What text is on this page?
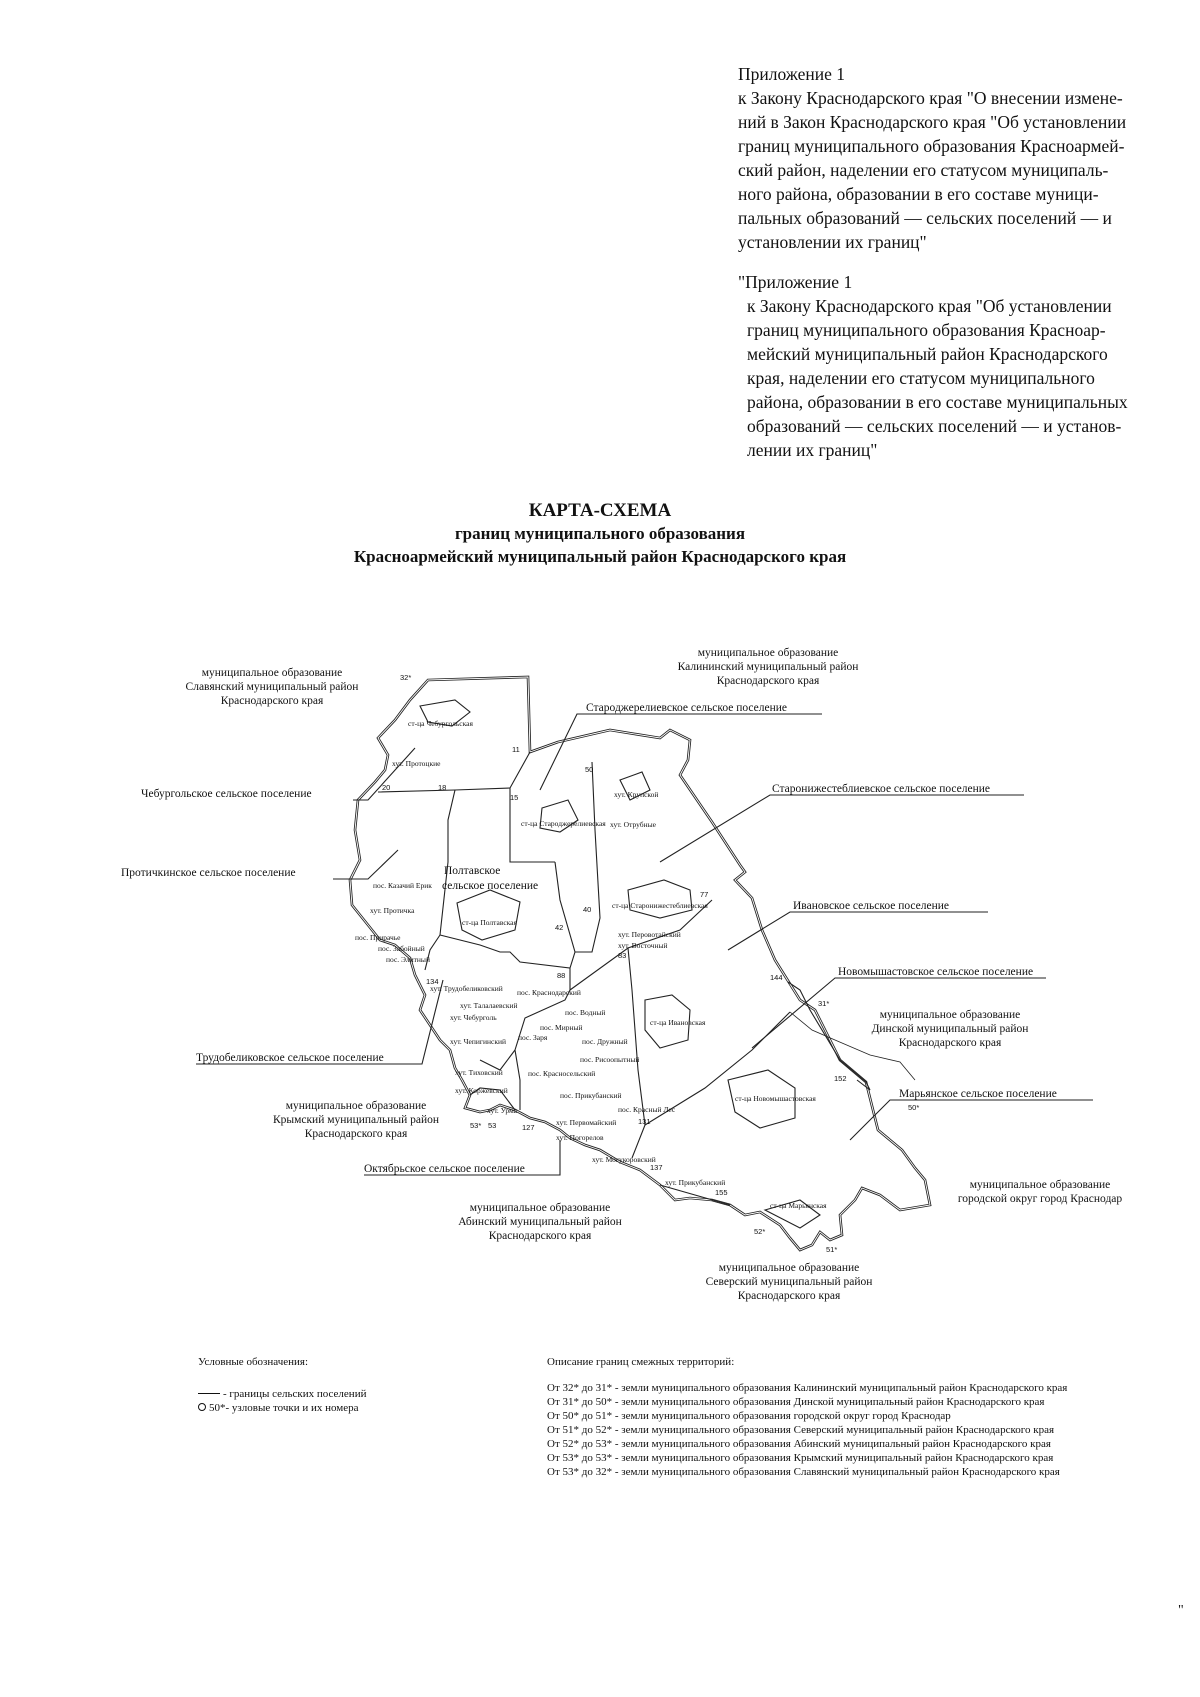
Приложение 1
к Закону Краснодарского края "О внесении измене-
ний в Закон Краснодарского края "Об установлении
границ муниципального образования Красноармей-
ский район, наделении его статусом муниципаль-
ного района, образовании в его составе муници-
пальных образований — сельских поселений — и
установлении их границ"
"Приложение 1
к Закону Краснодарского края "Об установлении
границ муниципального образования Красноар-
мейский муниципальный район Краснодарского
края, наделении его статусом муниципального
района, образовании в его составе муниципальных
образований — сельских поселений — и установ-
лении их границ"
КАРТА-СХЕМА
границ муниципального образования
Красноармейский муниципальный район Краснодарского края
Чебургольское сельское поселение
Протичкинское сельское поселение	Полтавское
сельское поселение
Староджерелиевское сельское поселение
Старонижестеблиевское сельское поселение
Ивановское сельское поселение
Новомышастовское сельское поселение
Трудобеликовское сельское поселение
Марьянское сельское поселение
Октябрьское сельское поселение
муниципальное образование
Славянский муниципальный район
Краснодарского края
муниципальное образование
Калининский муниципальный район
Краснодарского края
муниципальное образование
Динской муниципальный район
Краснодарского края
муниципальное образование
Крымский муниципальный район
Краснодарского края
муниципальное образование
Абинский муниципальный район
Краснодарского края
муниципальное образование
Северский муниципальный район
Краснодарского края
муниципальное образование
городской округ город Краснодар
ст-ца Чебургольская
хут. Протоцкие
пос. Казачий Ерик
хут. Протичка
пос. Прирачье
пос. Забойный
пос. Элитный
ст-ца Полтавская
ст-ца Староджерелиевская
хут. Крупской
хут. Отрубные
ст-ца Старонижестеблиевская
хут. Перовотайский
хут. Восточный
ст-ца Ивановская
ст-ца Новомышастовская
ст-ца Марьянская
хут. Трудобеликовский
хут. Талалаевский
хут. Чебурголь
хут. Чепигинский
хут. Тиховский
хут. Коржевский
хут. Урма
пос. Краснодарский
пос. Водный
пос. Мирный
пос. Заря	пос. Дружный
пос. Красносельский
пос. Рисоопытный
пос. Прикубанский
пос. Красный Лес
хут. Первомайский
хут. Погорелов
хут. Могукоровский
хут. Прикубанский
32*
11
50
15
18
20
40
42
77
83
88	144
31*
134
152
50*
53* 53	127
131
137
155
52*
51*
Условные обозначения:
- границы сельских поселений
50*- узловые точки и их номера
Описание границ смежных территорий:
От 32* до 31* - земли муниципального образования Калининский муниципальный район Краснодарского края
От 31* до 50* - земли муниципального образования Динской муниципальный район Краснодарского края
От 50* до 51* - земли муниципального образования городской округ город Краснодар
От 51* до 52* - земли муниципального образования Северский муниципальный район Краснодарского края
От 52* до 53* - земли муниципального образования Абинский муниципальный район Краснодарского края
От 53* до 53* - земли муниципального образования Крымский муниципальный район Краснодарского края
От 53* до 32* - земли муниципального образования Славянский муниципальный район Краснодарского края
"
